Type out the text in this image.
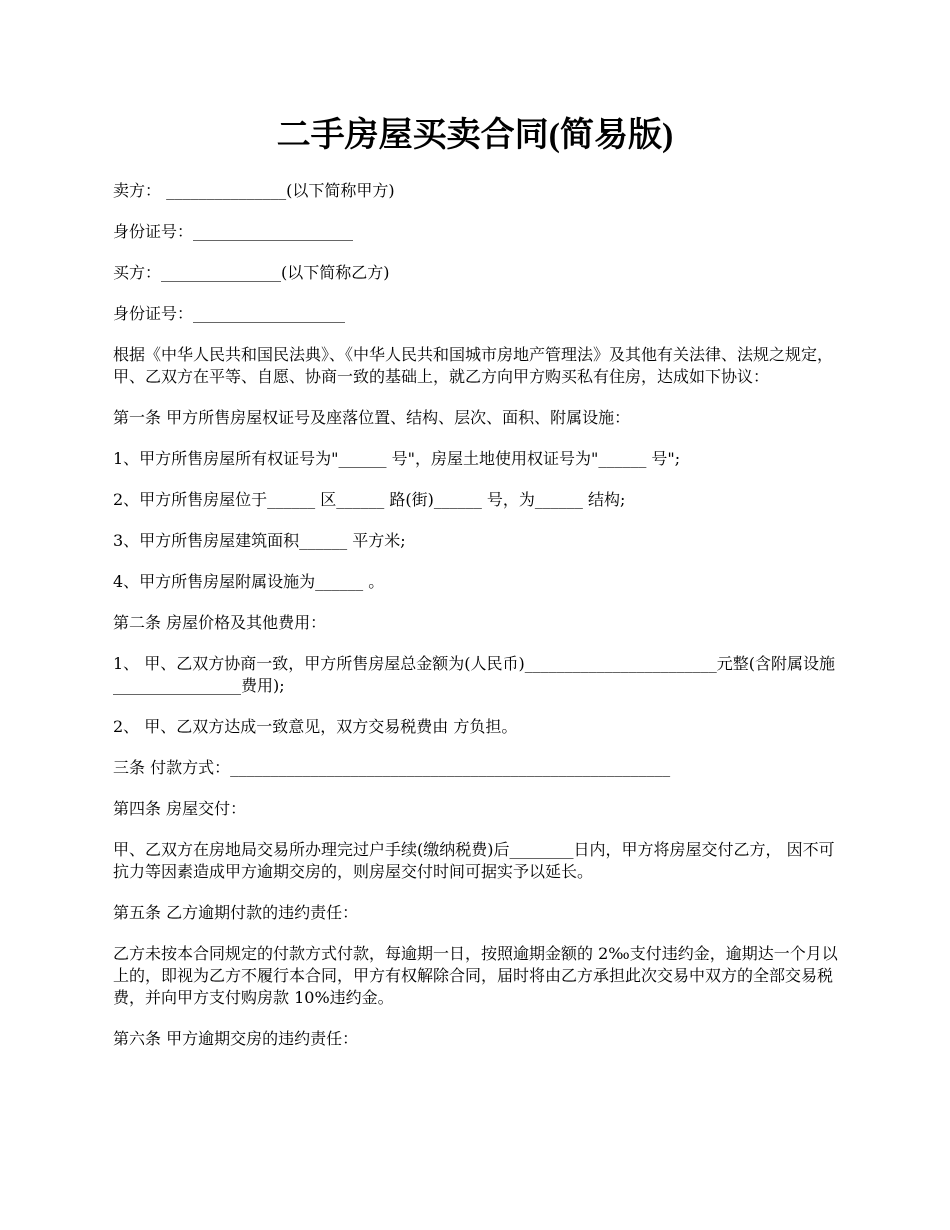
二手房屋买卖合同(简易版)

卖方： _______________(以下简称甲方)

身份证号：____________________

买方：_______________(以下简称乙方)

身份证号：___________________

根据《中华人民共和国民法典》、《中华人民共和国城市房地产管理法》及其他有关法律、法规之规定，甲、乙双方在平等、自愿、协商一致的基础上，就乙方向甲方购买私有住房，达成如下协议：

第一条 甲方所售房屋权证号及座落位置、结构、层次、面积、附属设施：

1、甲方所售房屋所有权证号为"______ 号"，房屋土地使用权证号为"______ 号";

2、甲方所售房屋位于______ 区______ 路(街)______ 号，为______ 结构;

3、甲方所售房屋建筑面积______ 平方米;

4、甲方所售房屋附属设施为______ 。

第二条 房屋价格及其他费用：

1、 甲、乙双方协商一致，甲方所售房屋总金额为(人民币)________________________元整(含附属设施________________费用);

2、 甲、乙双方达成一致意见，双方交易税费由 方负担。

三条 付款方式：_______________________________________________________

第四条 房屋交付：

甲、乙双方在房地局交易所办理完过户手续(缴纳税费)后________日内，甲方将房屋交付乙方， 因不可抗力等因素造成甲方逾期交房的，则房屋交付时间可据实予以延长。

第五条 乙方逾期付款的违约责任：

乙方未按本合同规定的付款方式付款，每逾期一日，按照逾期金额的 2‰支付违约金，逾期达一个月以上的，即视为乙方不履行本合同，甲方有权解除合同，届时将由乙方承担此次交易中双方的全部交易税费，并向甲方支付购房款 10%违约金。

第六条 甲方逾期交房的违约责任：
